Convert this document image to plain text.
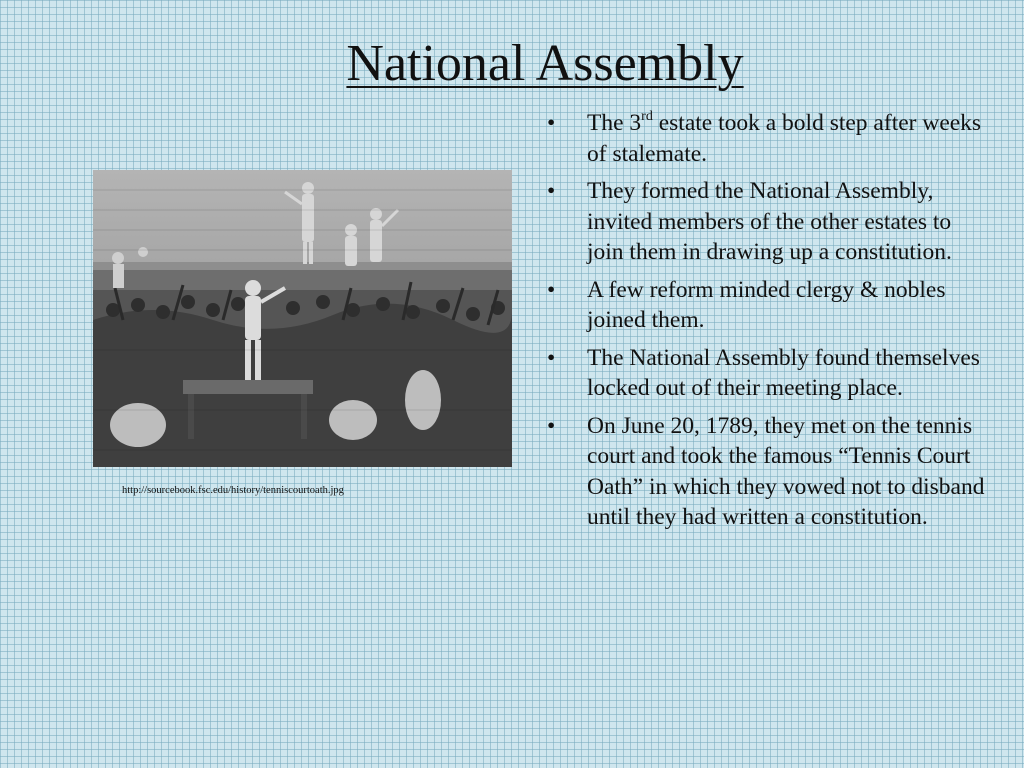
National Assembly
http://sourcebook.fsc.edu/history/tenniscourtoath.jpg
• The 3rd estate took a bold step after weeks of stalemate.
• They formed the National Assembly, invited members of the other estates to join them in drawing up a constitution.
• A few reform minded clergy & nobles joined them.
• The National Assembly found themselves locked out of their meeting place.
• On June 20, 1789, they met on the tennis court and took the famous “Tennis Court Oath” in which they vowed not to disband until they had written a constitution.
